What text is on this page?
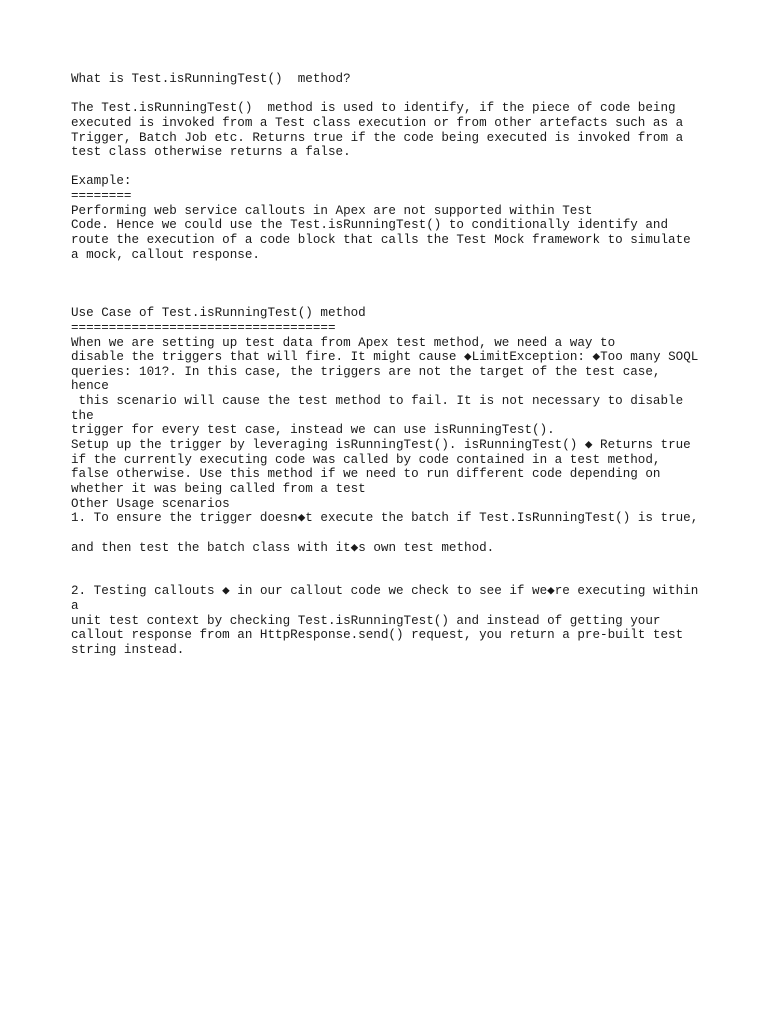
What is Test.isRunningTest()  method?
The Test.isRunningTest()  method is used to identify, if the piece of code being
executed is invoked from a Test class execution or from other artefacts such as a
Trigger, Batch Job etc. Returns true if the code being executed is invoked from a
test class otherwise returns a false.
Example:
========
Performing web service callouts in Apex are not supported within Test
Code. Hence we could use the Test.isRunningTest() to conditionally identify and
route the execution of a code block that calls the Test Mock framework to simulate
a mock, callout response.
Use Case of Test.isRunningTest() method
===================================
When we are setting up test data from Apex test method, we need a way to
disable the triggers that will fire. It might cause ◆LimitException: ◆Too many SOQL
queries: 101?. In this case, the triggers are not the target of the test case,
hence
this scenario will cause the test method to fail. It is not necessary to disable
the
trigger for every test case, instead we can use isRunningTest().
Setup up the trigger by leveraging isRunningTest(). isRunningTest() ◆ Returns true
if the currently executing code was called by code contained in a test method,
false otherwise. Use this method if we need to run different code depending on
whether it was being called from a test
Other Usage scenarios
1. To ensure the trigger doesn◆t execute the batch if Test.IsRunningTest() is true,
and then test the batch class with it◆s own test method.
2. Testing callouts ◆ in our callout code we check to see if we◆re executing within
a
unit test context by checking Test.isRunningTest() and instead of getting your
callout response from an HttpResponse.send() request, you return a pre-built test
string instead.
